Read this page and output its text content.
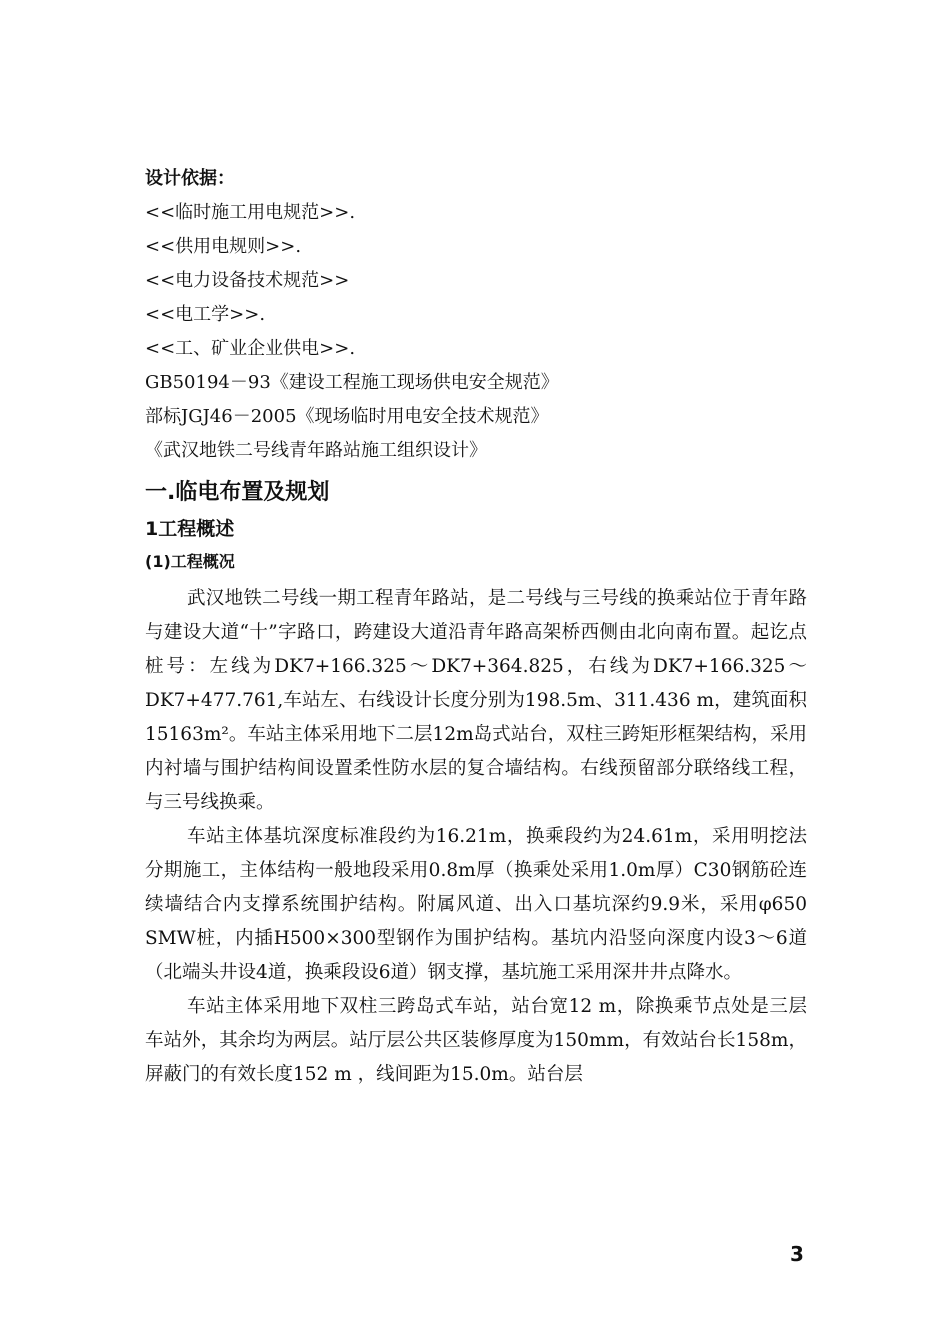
设计依据：

<<临时施工用电规范>>.

<<供用电规则>>.

<<电力设备技术规范>>

<<电工学>>.

<<工、矿业企业供电>>.

GB50194－93《建设工程施工现场供电安全规范》

部标JGJ46－2005《现场临时用电安全技术规范》

《武汉地铁二号线青年路站施工组织设计》

一.临电布置及规划
1工程概述
(1)工程概况

武汉地铁二号线一期工程青年路站，是二号线与三号线的换乘站位于青年路与建设大道“十”字路口，跨建设大道沿青年路高架桥西侧由北向南布置。起讫点桩号：左线为DK7+166.325～DK7+364.825，右线为DK7+166.325～DK7+477.761,车站左、右线设计长度分别为198.5m、311.436 m，建筑面积15163m²。车站主体采用地下二层12m岛式站台，双柱三跨矩形框架结构，采用内衬墙与围护结构间设置柔性防水层的复合墙结构。右线预留部分联络线工程，与三号线换乘。

车站主体基坑深度标准段约为16.21m，换乘段约为24.61m，采用明挖法分期施工，主体结构一般地段采用0.8m厚（换乘处采用1.0m厚）C30钢筋砼连续墙结合内支撑系统围护结构。附属风道、出入口基坑深约9.9米，采用φ650 SMW桩，内插H500×300型钢作为围护结构。基坑内沿竖向深度内设3～6道（北端头井设4道，换乘段设6道）钢支撑，基坑施工采用深井井点降水。

车站主体采用地下双柱三跨岛式车站，站台宽12 m，除换乘节点处是三层车站外，其余均为两层。站厅层公共区装修厚度为150mm，有效站台长158m，屏蔽门的有效长度152 m ，线间距为15.0m。站台层

3
